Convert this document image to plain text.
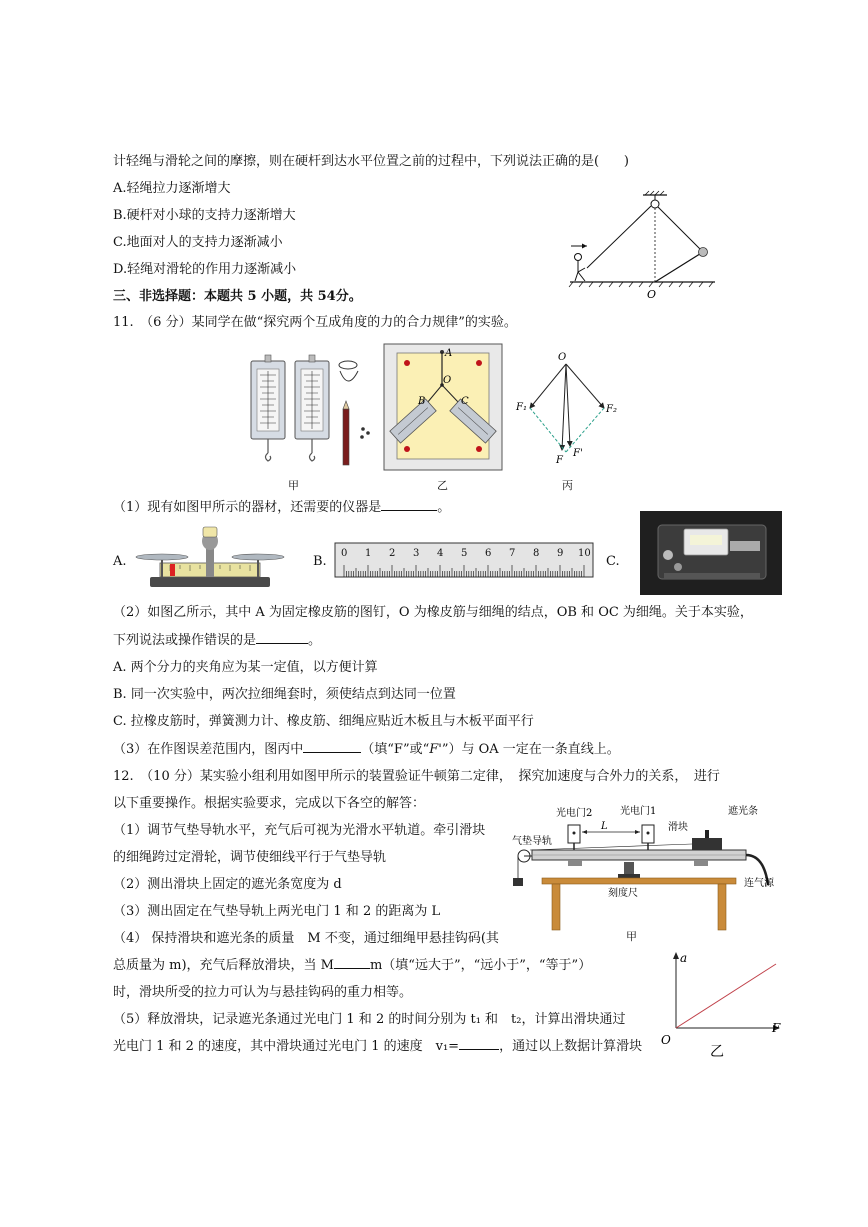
计轻绳与滑轮之间的摩擦，则在硬杆到达水平位置之前的过程中，下列说法正确的是(      )
A.轻绳拉力逐渐增大
B.硬杆对小球的支持力逐渐增大
C.地面对人的支持力逐渐减小
D.轻绳对滑轮的作用力逐渐减小
O
三、非选择题：本题共 5 小题，共 54分。
11.　（6 分）某同学在做“探究两个互成角度的力的合力规律”的实验。
甲
A
O
B	C
乙
O
F₁	F₂
F
F'
丙
（1）现有如图甲所示的器材，还需要的仪器是	。
A.	B.
0 1 2 3 4 5 6 7 8 9 10
C.
（2）如图乙所示，其中 A 为固定橡皮筋的图钉，O 为橡皮筋与细绳的结点，OB 和 OC 为细绳。关于本实验，
下列说法或操作错误的是	。
A. 两个分力的夹角应为某一定值，以方便计算
B. 同一次实验中，两次拉细绳套时，须使结点到达同一位置
C. 拉橡皮筋时，弹簧测力计、橡皮筋、细绳应贴近木板且与木板平面平行
（3）在作图误差范围内，图丙中	（填“F”或“F'”）与 OA 一定在一条直线上。
12.　（10 分）某实验小组利用如图甲所示的装置验证牛顿第二定律，　探究加速度与合外力的关系，　进行
以下重要操作。根据实验要求，完成以下各空的解答：
（1）调节气垫导轨水平，充气后可视为光滑水平轨道。牵引滑块
的细绳跨过定滑轮，调节使细线平行于气垫导轨
（2）测出滑块上固定的遮光条宽度为 d
（3）测出固定在气垫导轨上两光电门 1 和 2 的距离为 L
（4） 保持滑块和遮光条的质量　M 不变，通过细绳甲悬挂钩码(其
总质量为 m)，充气后释放滑块，当 M	m（填“远大于”，“远小于”，“等于”）
时，滑块所受的拉力可认为与悬挂钩码的重力相等。
（5）释放滑块，记录遮光条通过光电门 1 和 2 的时间分别为 t₁ 和　t₂，计算出滑块通过
光电门 1 和 2 的速度，其中滑块通过光电门 1 的速度　v₁=	，通过以上数据计算滑块
光电门2	光电门1
L	滑块
遮光条
气垫导轨
刻度尺
连气源
甲
a
F
O
乙
